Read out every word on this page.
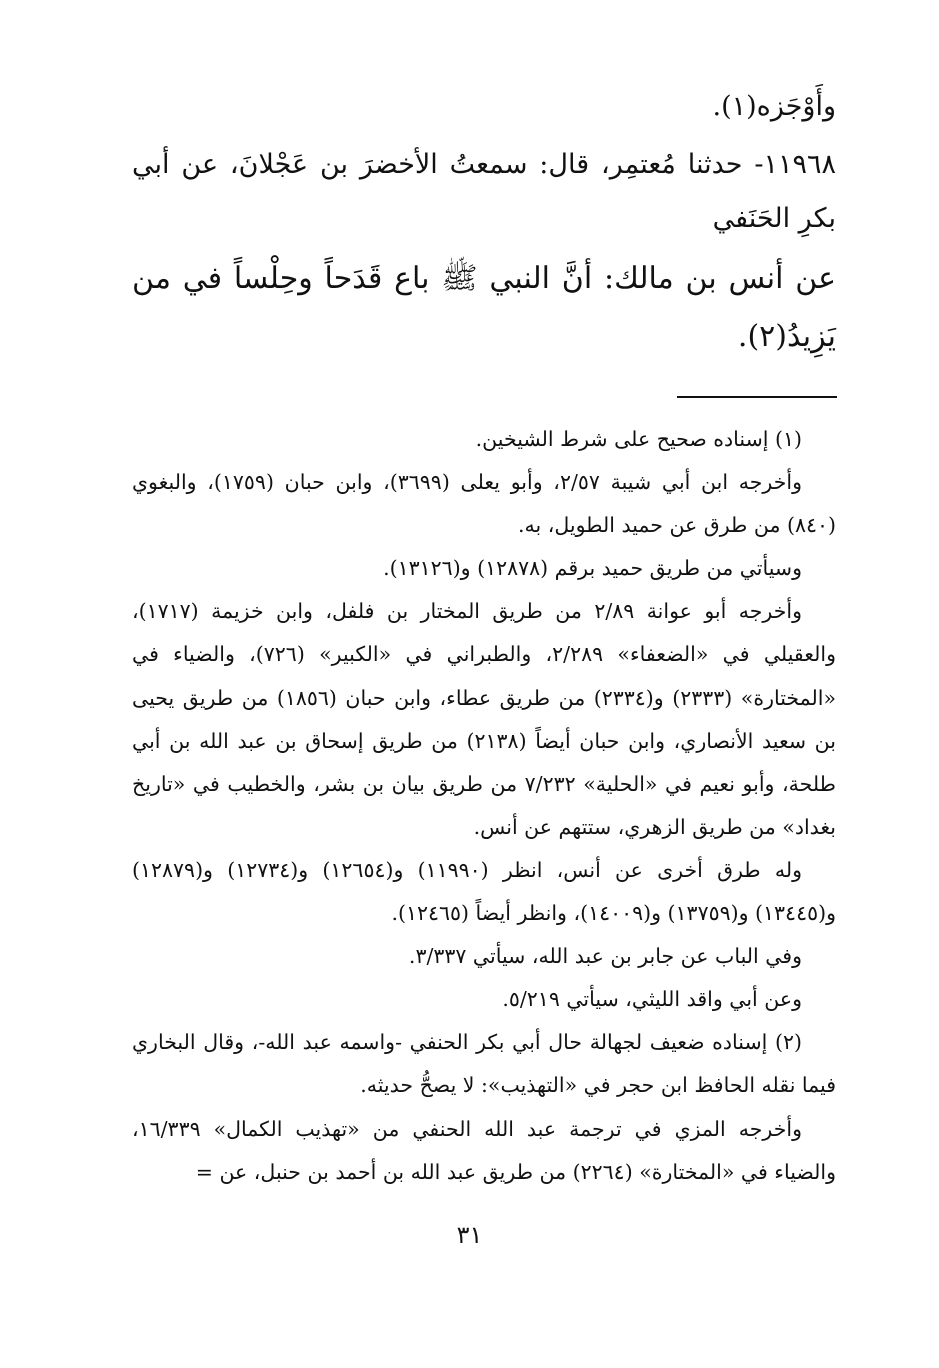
وأَوْجَزه(١).

١١٩٦٨- حدثنا مُعتمِر، قال: سمعتُ الأخضرَ بن عَجْلانَ، عن أبي بكرِ الحَنَفي

عن أنس بن مالك: أنَّ النبي ﷺ باع قَدَحاً وحِلْساً في من يَزِيدُ(٢).

(١) إسناده صحيح على شرط الشيخين.

وأخرجه ابن أبي شيبة ٢/٥٧، وأبو يعلى (٣٦٩٩)، وابن حبان (١٧٥٩)، والبغوي (٨٤٠) من طرق عن حميد الطويل، به.

وسيأتي من طريق حميد برقم (١٢٨٧٨) و(١٣١٢٦).

وأخرجه أبو عوانة ٢/٨٩ من طريق المختار بن فلفل، وابن خزيمة (١٧١٧)، والعقيلي في «الضعفاء» ٢/٢٨٩، والطبراني في «الكبير» (٧٢٦)، والضياء في «المختارة» (٢٣٣٣) و(٢٣٣٤) من طريق عطاء، وابن حبان (١٨٥٦) من طريق يحيى بن سعيد الأنصاري، وابن حبان أيضاً (٢١٣٨) من طريق إسحاق بن عبد الله بن أبي طلحة، وأبو نعيم في «الحلية» ٧/٢٣٢ من طريق بيان بن بشر، والخطيب في «تاريخ بغداد» من طريق الزهري، ستتهم عن أنس.

وله طرق أخرى عن أنس، انظر (١١٩٩٠) و(١٢٦٥٤) و(١٢٧٣٤) و(١٢٨٧٩) و(١٣٤٤٥) و(١٣٧٥٩) و(١٤٠٠٩)، وانظر أيضاً (١٢٤٦٥).

وفي الباب عن جابر بن عبد الله، سيأتي ٣/٣٣٧.

وعن أبي واقد الليثي، سيأتي ٥/٢١٩.

(٢) إسناده ضعيف لجهالة حال أبي بكر الحنفي -واسمه عبد الله-، وقال البخاري فيما نقله الحافظ ابن حجر في «التهذيب»: لا يصحُّ حديثه.

وأخرجه المزي في ترجمة عبد الله الحنفي من «تهذيب الكمال» ١٦/٣٣٩، والضياء في «المختارة» (٢٢٦٤) من طريق عبد الله بن أحمد بن حنبل، عن =

٣١
